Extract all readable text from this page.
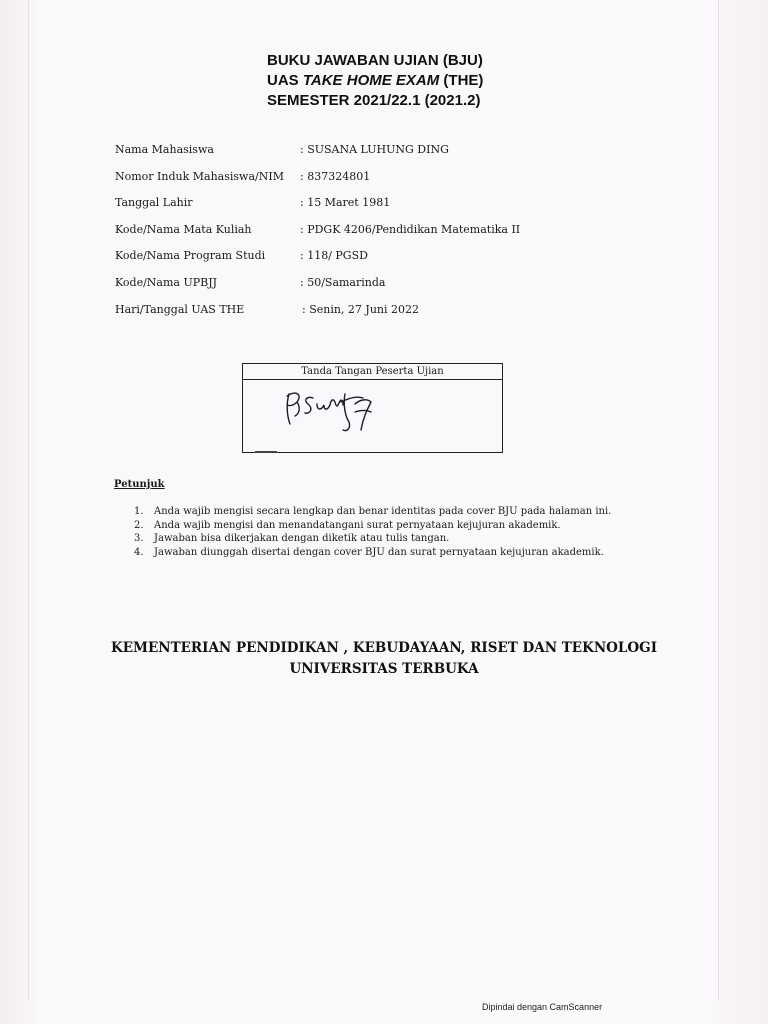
BUKU JAWABAN UJIAN (BJU)
UAS TAKE HOME EXAM (THE)
SEMESTER 2021/22.1 (2021.2)
Nama Mahasiswa	: SUSANA LUHUNG DING
Nomor Induk Mahasiswa/NIM : 837324801
Tanggal Lahir	: 15 Maret 1981
Kode/Nama Mata Kuliah	: PDGK 4206/Pendidikan Matematika II
Kode/Nama Program Studi	: 118/ PGSD
Kode/Nama UPBJJ	: 50/Samarinda
Hari/Tanggal UAS THE	: Senin, 27 Juni 2022
Tanda Tangan Peserta Ujian
Petunjuk
1. Anda wajib mengisi secara lengkap dan benar identitas pada cover BJU pada halaman ini.
2. Anda wajib mengisi dan menandatangani surat pernyataan kejujuran akademik.
3. Jawaban bisa dikerjakan dengan diketik atau tulis tangan.
4. Jawaban diunggah disertai dengan cover BJU dan surat pernyataan kejujuran akademik.
KEMENTERIAN PENDIDIKAN , KEBUDAYAAN, RISET DAN TEKNOLOGI
UNIVERSITAS TERBUKA
Dipindai dengan CamScanner
